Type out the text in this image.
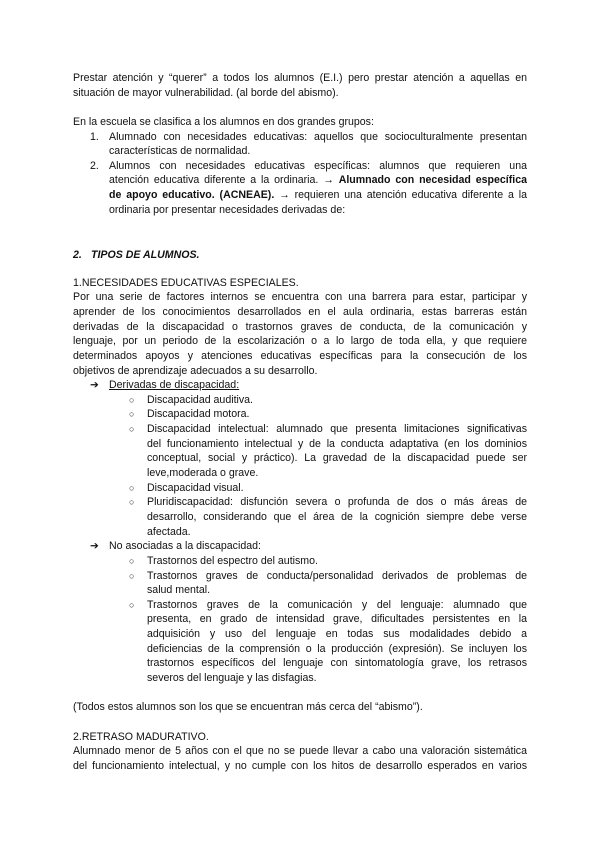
Prestar atención y “querer” a todos los alumnos (E.I.) pero prestar atención a aquellas en
situación de mayor vulnerabilidad. (al borde del abismo).
En la escuela se clasifica a los alumnos en dos grandes grupos:
1. Alumnado con necesidades educativas: aquellos que socioculturalmente presentan
características de normalidad.
2. Alumnos con necesidades educativas específicas: alumnos que requieren una
atención educativa diferente a la ordinaria. → Alumnado con necesidad específica
de apoyo educativo. (ACNEAE). → requieren una atención educativa diferente a la
ordinaria por presentar necesidades derivadas de:
2. TIPOS DE ALUMNOS.
1.NECESIDADES EDUCATIVAS ESPECIALES.
Por una serie de factores internos se encuentra con una barrera para estar, participar y
aprender de los conocimientos desarrollados en el aula ordinaria, estas barreras están
derivadas de la discapacidad o trastornos graves de conducta, de la comunicación y
lenguaje, por un periodo de la escolarización o a lo largo de toda ella, y que requiere
determinados apoyos y atenciones educativas específicas para la consecución de los
objetivos de aprendizaje adecuados a su desarrollo.
➔ Derivadas de discapacidad:
○ Discapacidad auditiva.
○ Discapacidad motora.
○ Discapacidad intelectual: alumnado que presenta limitaciones significativas
del funcionamiento intelectual y de la conducta adaptativa (en los dominios
conceptual, social y práctico). La gravedad de la discapacidad puede ser
leve,moderada o grave.
○ Discapacidad visual.
○ Pluridiscapacidad: disfunción severa o profunda de dos o más áreas de
desarrollo, considerando que el área de la cognición siempre debe verse
afectada.
➔ No asociadas a la discapacidad:
○ Trastornos del espectro del autismo.
○ Trastornos graves de conducta/personalidad derivados de problemas de
salud mental.
○ Trastornos graves de la comunicación y del lenguaje: alumnado que
presenta, en grado de intensidad grave, dificultades persistentes en la
adquisición y uso del lenguaje en todas sus modalidades debido a
deficiencias de la comprensión o la producción (expresión). Se incluyen los
trastornos específicos del lenguaje con sintomatología grave, los retrasos
severos del lenguaje y las disfagias.
(Todos estos alumnos son los que se encuentran más cerca del “abismo”).
2.RETRASO MADURATIVO.
Alumnado menor de 5 años con el que no se puede llevar a cabo una valoración sistemática
del funcionamiento intelectual, y no cumple con los hitos de desarrollo esperados en varios
